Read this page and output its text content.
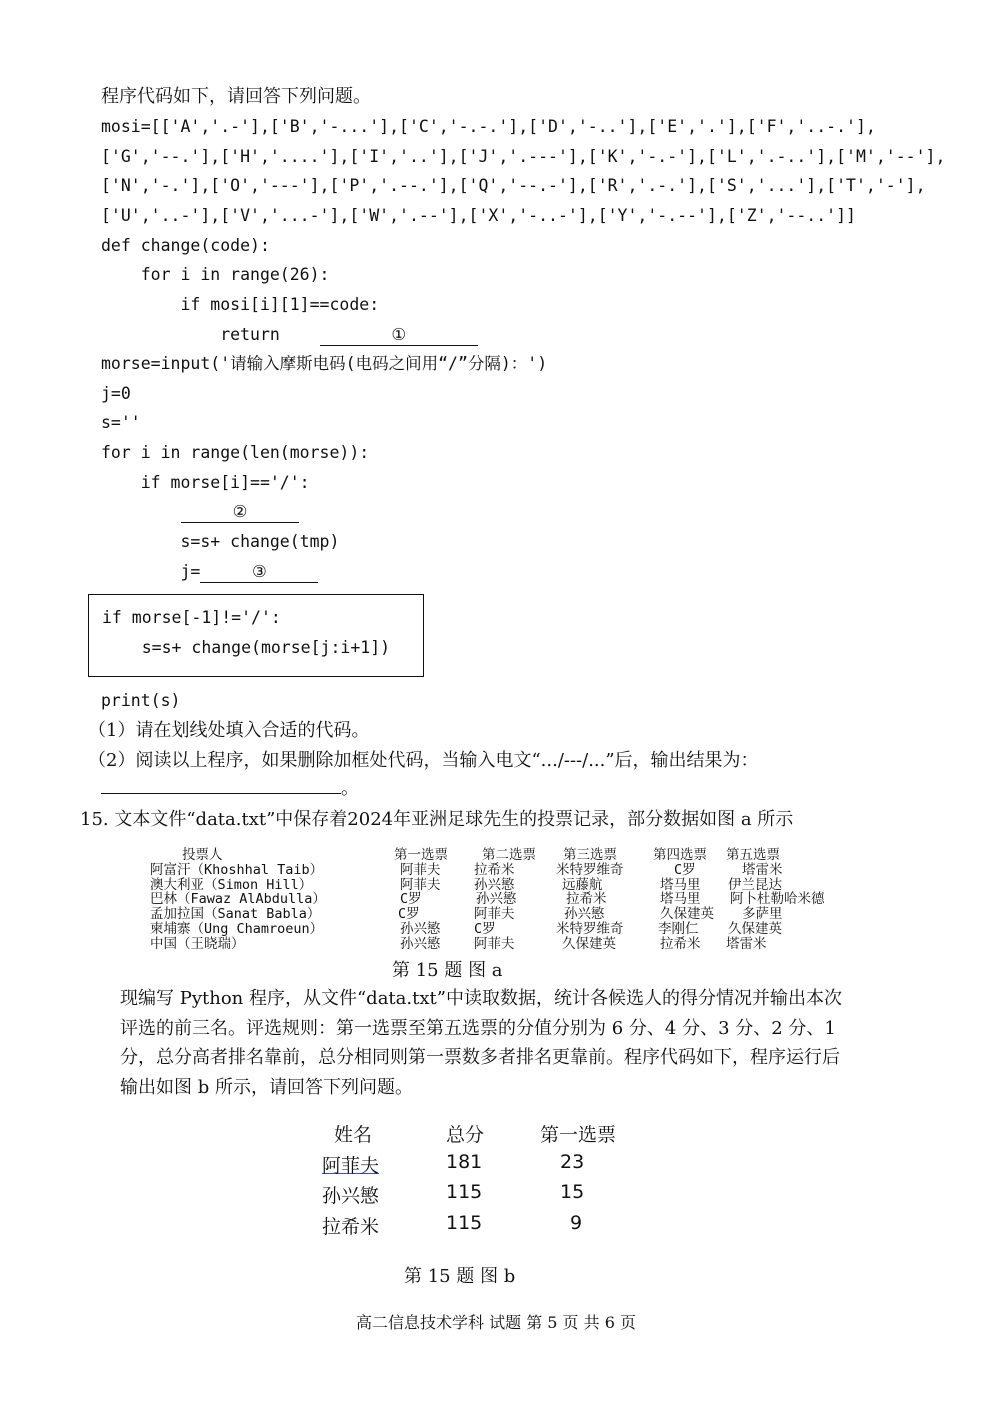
程序代码如下，请回答下列问题。
mosi=[['A','.-'],['B','-...'],['C','-.-.'],['D','-..'],['E','.'],['F','..-.'],
['G','--.'],['H','....'],['I','..'],['J','.---'],['K','-.-'],['L','.-..'],['M','--'],
['N','-.'],['O','---'],['P','.--.'],['Q','--.-'],['R','.-.'],['S','...'],['T','-'],
['U','..-'],['V','...-'],['W','.--'],['X','-..-'],['Y','-.--'],['Z','--..']]
def change(code):
for i in range(26):
if mosi[i][1]==code:
return	①
morse=input('请输入摩斯电码(电码之间用“/”分隔)：')
j=0
s=''
for i in range(len(morse)):
if morse[i]=='/':
②
s=s+ change(tmp)
j=	③
if morse[-1]!='/':
s=s+ change(morse[j:i+1])
print(s)
（1）请在划线处填入合适的代码。
（2）阅读以上程序，如果删除加框处代码，当输入电文“.../---/...”后，输出结果为：
。
15. 文本文件“data.txt”中保存着2024年亚洲足球先生的投票记录，部分数据如图 a 所示
投票人	第一选票	第二选票 第三选票	第四选票 第五选票
阿富汗（Khoshhal Taib）	阿菲夫 拉希米	米特罗维奇	C罗	塔雷米
澳大利亚（Simon Hill）	阿菲夫 孙兴慜	远藤航	塔马里 伊兰昆达
巴林（Fawaz AlAbdulla）	C罗	孙兴慜	拉希米	塔马里 阿卜杜勒哈米德
孟加拉国（Sanat Babla）	C罗	阿菲夫	孙兴慜	久保建英 多萨里
柬埔寨（Ung Chamroeun）	孙兴慜 C罗	米特罗维奇	李刚仁 久保建英
中国（王晓瑞）	孙兴慜 阿菲夫	久保建英	拉希米 塔雷米
第 15 题 图 a
现编写 Python 程序，从文件“data.txt”中读取数据，统计各候选人的得分情况并输出本次
评选的前三名。评选规则：第一选票至第五选票的分值分别为 6 分、4 分、3 分、2 分、1
分，总分高者排名靠前，总分相同则第一票数多者排名更靠前。程序代码如下，程序运行后
输出如图 b 所示，请回答下列问题。
姓名	总分	第一选票
阿菲夫	181	23
孙兴慜	115	15
拉希米	115	9
第 15 题 图 b
高二信息技术学科 试题 第 5 页 共 6 页
